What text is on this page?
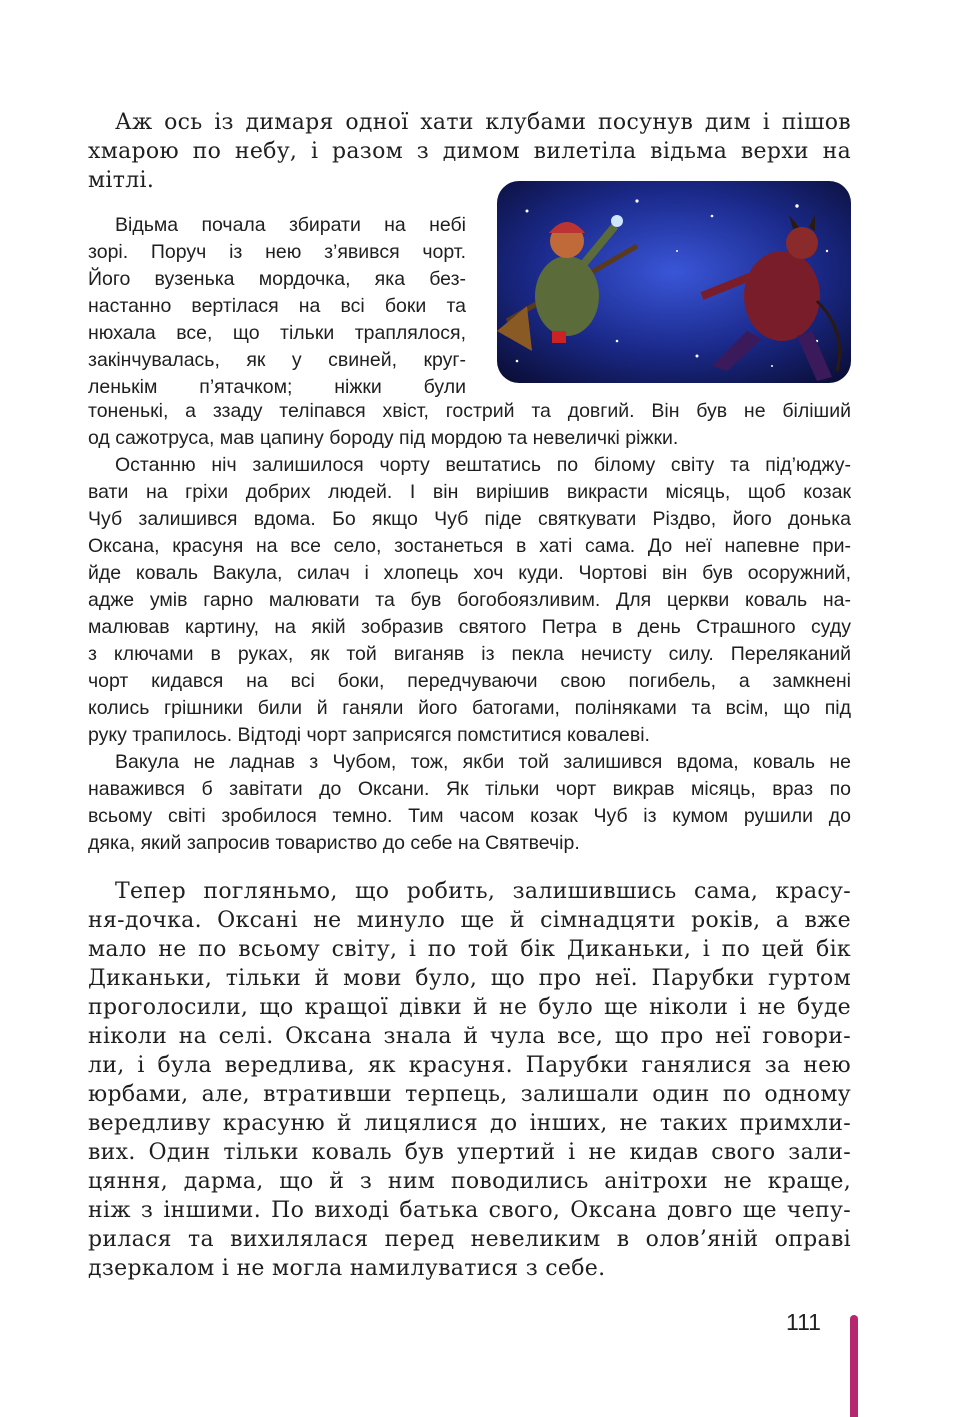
Аж ось із димаря одної хати клубами посунув дим і пішов
хмарою по небу, і разом з димом вилетіла відьма верхи на
мітлі.
Відьма почала збирати на небі
зорі. Поруч із нею з’явився чорт.
Його вузенька мордочка, яка без-
настанно вертілася на всі боки та
нюхала все, що тільки траплялося,
закінчувалась, як у свиней, круг-
ленькім п’ятачком; ніжки були
тоненькі, а ззаду теліпався хвіст, гострий та довгий. Він був не біліший
од сажотруса, мав цапину бороду під мордою та невеличкі ріжки.
Останню ніч залишилося чорту вештатись по білому світу та під’юджу-
вати на гріхи добрих людей. І він вирішив викрасти місяць, щоб козак
Чуб залишився вдома. Бо якщо Чуб піде святкувати Різдво, його донька
Оксана, красуня на все село, зостанеться в хаті сама. До неї напевне при-
йде коваль Вакула, силач і хлопець хоч куди. Чортові він був осоружний,
адже умів гарно малювати та був богобоязливим. Для церкви коваль на-
малював картину, на якій зобразив святого Петра в день Страшного суду
з ключами в руках, як той виганяв із пекла нечисту силу. Переляканий
чорт кидався на всі боки, передчуваючи свою погибель, а замкнені
колись грішники били й ганяли його батогами, поліняками та всім, що під
руку трапилось. Відтоді чорт заприсягся помститися ковалеві.
Вакула не ладнав з Чубом, тож, якби той залишився вдома, коваль не
наважився б завітати до Оксани. Як тільки чорт викрав місяць, враз по
всьому світі зробилося темно. Тим часом козак Чуб із кумом рушили до
дяка, який запросив товариство до себе на Святвечір.
Тепер погляньмо, що робить, залишившись сама, красу-
ня-дочка. Оксані не минуло ще й сімнадцяти років, а вже
мало не по всьому світу, і по той бік Диканьки, і по цей бік
Диканьки, тільки й мови було, що про неї. Парубки гуртом
проголосили, що кращої дівки й не було ще ніколи і не буде
ніколи на селі. Оксана знала й чула все, що про неї говори-
ли, і була вередлива, як красуня. Парубки ганялися за нею
юрбами, але, втративши терпець, залишали один по одному
вередливу красуню й лицялися до інших, не таких примхли-
вих. Один тільки коваль був упертий і не кидав свого зали-
цяння, дарма, що й з ним поводились анітрохи не краще,
ніж з іншими. По виході батька свого, Оксана довго ще чепу-
рилася та вихилялася перед невеликим в олов’яній оправі
дзеркалом і не могла намилуватися з себе.
111
